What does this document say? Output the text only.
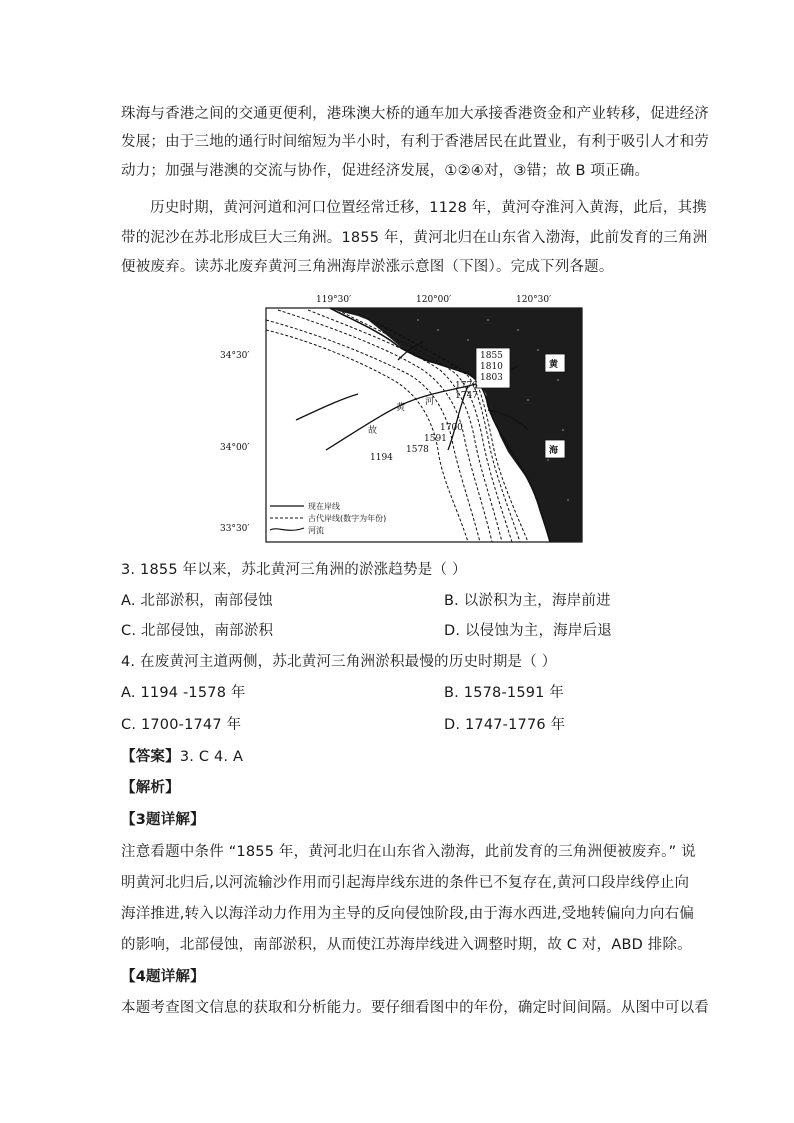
珠海与香港之间的交通更便利，港珠澳大桥的通车加大承接香港资金和产业转移，促进经济
发展；由于三地的通行时间缩短为半小时，有利于香港居民在此置业，有利于吸引人才和劳
动力；加强与港澳的交流与协作，促进经济发展，①②④对，③错；故 B 项正确。
历史时期，黄河河道和河口位置经常迁移，1128 年，黄河夺淮河入黄海，此后，其携
带的泥沙在苏北形成巨大三角洲。1855 年，黄河北归在山东省入渤海，此前发育的三角洲
便被废弃。读苏北废弃黄河三角洲海岸淤涨示意图（下图）。完成下列各题。
1855
1810
1803
1776
1747
1700
1591
1578
1194
黄
河
故
黄
海
119°30′	120°00′	120°30′
34°30′
34°00′
33°30′
现在岸线
古代岸线(数字为年份)
河流
3. 1855 年以来，苏北黄河三角洲的淤涨趋势是（ ）
A. 北部淤积，南部侵蚀	B. 以淤积为主，海岸前进
C. 北部侵蚀，南部淤积	D. 以侵蚀为主，海岸后退
4. 在废黄河主道两侧，苏北黄河三角洲淤积最慢的历史时期是（ ）
A. 1194 -1578 年	B. 1578-1591 年
C. 1700-1747 年	D. 1747-1776 年
【答案】3. C 4. A
【解析】
【3题详解】
注意看题中条件 “1855 年，黄河北归在山东省入渤海，此前发育的三角洲便被废弃。” 说
明黄河北归后,以河流输沙作用而引起海岸线东进的条件已不复存在,黄河口段岸线停止向
海洋推进,转入以海洋动力作用为主导的反向侵蚀阶段,由于海水西进,受地转偏向力向右偏
的影响，北部侵蚀，南部淤积，从而使江苏海岸线进入调整时期，故 C 对，ABD 排除。
【4题详解】
本题考查图文信息的获取和分析能力。要仔细看图中的年份，确定时间间隔。从图中可以看
